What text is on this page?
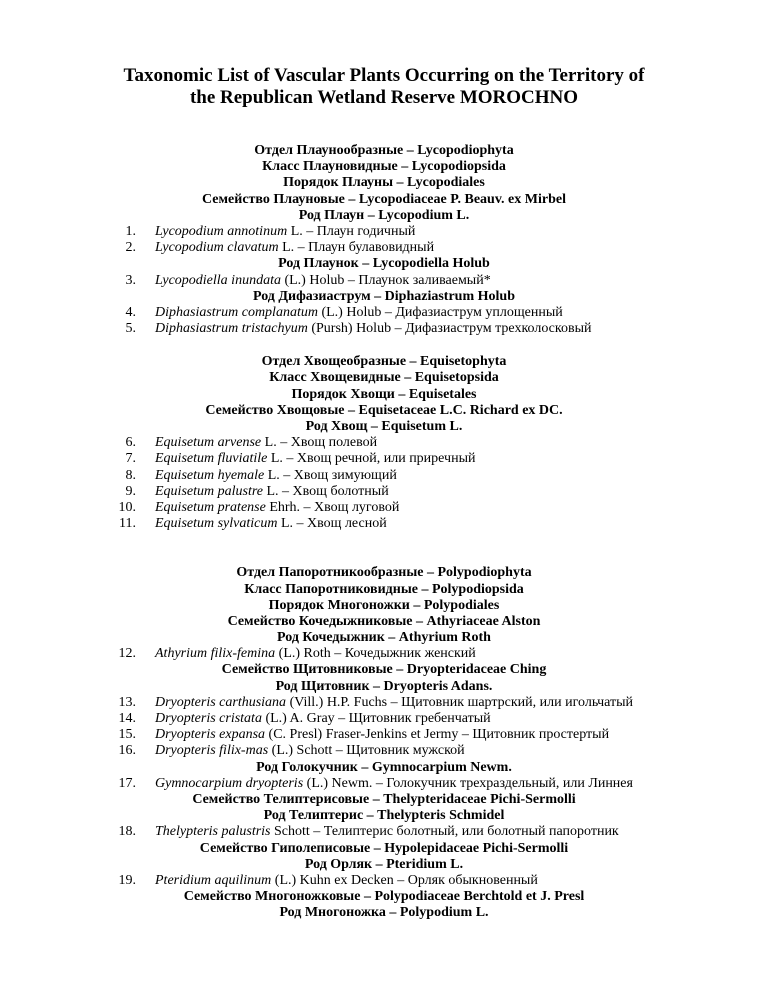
Taxonomic List of Vascular Plants Occurring on the Territory of
the Republican Wetland Reserve MOROCHNO
Отдел Плаунообразные – Lycopodiophyta
Класс Плауновидные – Lycopodiopsida
Порядок Плауны – Lycopodiales
Семейство Плауновые – Lycopodiaceae P. Beauv. ex Mirbel
Род Плаун – Lycopodium L.
1. Lycopodium annotinum L. – Плаун годичный
2. Lycopodium clavatum L. – Плаун булавовидный
Род Плаунок – Lycopodiella Holub
3. Lycopodiella inundata (L.) Holub – Плаунок заливаемый*
Род Дифазиаструм – Diphaziastrum Holub
4. Diphasiastrum complanatum (L.) Holub – Дифазиаструм уплощенный
5. Diphasiastrum tristachyum (Pursh) Holub – Дифазиаструм трехколосковый
Отдел Хвощеобразные – Equisetophyta
Класс Хвощевидные – Equisetopsida
Порядок Хвощи – Equisetales
Семейство Хвощовые – Equisetaceae L.C. Richard ex DC.
Род Хвощ – Equisetum L.
6. Equisetum arvense L. – Хвощ полевой
7. Equisetum fluviatile L. – Хвощ речной, или приречный
8. Equisetum hyemale L. – Хвощ зимующий
9. Equisetum palustre L. – Хвощ болотный
10. Equisetum pratense Ehrh. – Хвощ луговой
11. Equisetum sylvaticum L. – Хвощ лесной
Отдел Папоротникообразные – Polypodiophyta
Класс Папоротниковидные – Polypodiopsida
Порядок Многоножки – Polypodiales
Семейство Кочедыжниковые – Athyriaceae Alston
Род Кочедыжник – Athyrium Roth
12. Athyrium filix-femina (L.) Roth – Кочедыжник женский
Семейство Щитовниковые – Dryopteridaceae Ching
Род Щитовник – Dryopteris Adans.
13. Dryopteris carthusiana (Vill.) H.P. Fuchs – Щитовник шартрский, или игольчатый
14. Dryopteris cristata (L.) A. Gray – Щитовник гребенчатый
15. Dryopteris expansa (C. Presl) Fraser-Jenkins et Jermy – Щитовник простертый
16. Dryopteris filix-mas (L.) Schott – Щитовник мужской
Род Голокучник – Gymnocarpium Newm.
17. Gymnocarpium dryopteris (L.) Newm. – Голокучник трехраздельный, или Линнея
Семейство Телиптерисовые – Thelypteridaceae Pichi-Sermolli
Род Телиптерис – Thelypteris Schmidel
18. Thelypteris palustris Schott – Телиптерис болотный, или болотный папоротник
Семейство Гиполеписовые – Hypolepidaceae Pichi-Sermolli
Род Орляк – Pteridium L.
19. Pteridium aquilinum (L.) Kuhn ex Decken – Орляк обыкновенный
Семейство Многоножковые – Polypodiaceae Berchtold et J. Presl
Род Многоножка – Polypodium L.
